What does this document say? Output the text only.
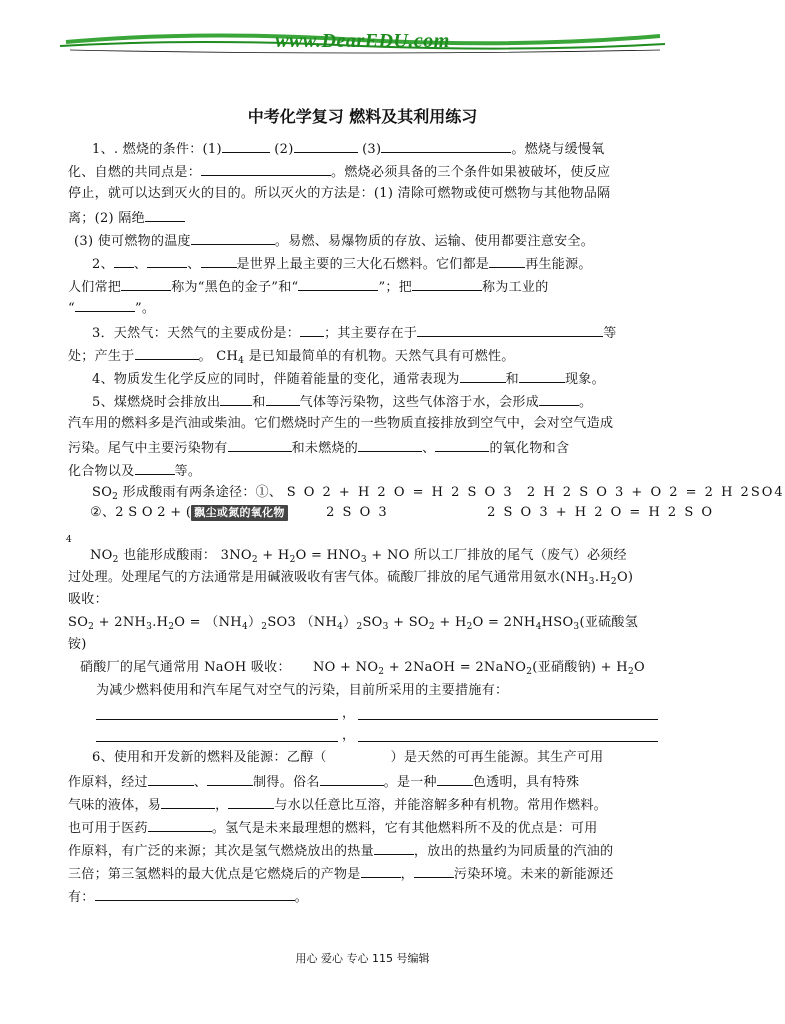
www.DearEDU.com
中考化学复习 燃料及其利用练习
1、. 燃烧的条件：(1)	(2)	(3)	。燃烧与缓慢氧
化、自燃的共同点是：	。燃烧必须具备的三个条件如果被破坏，使反应
停止，就可以达到灭火的目的。所以灭火的方法是：(1) 清除可燃物或使可燃物与其他物品隔
离；(2) 隔绝
(3) 使可燃物的温度	。易燃、易爆物质的存放、运输、使用都要注意安全。
2、 、	、	是世界上最主要的三大化石燃料。它们都是	再生能源。
人们常把	称为“黑色的金子”和“	”；把	称为工业的
“	”。
3．天然气：天然气的主要成份是： ；其主要存在于	等
处；产生于	。 $CH_4$ 是已知最简单的有机物。天然气具有可燃性。
4、物质发生化学反应的同时，伴随着能量的变化，通常表现为	和	现象。
5、煤燃烧时会排放出 和	气体等污染物，这些气体溶于水，会形成	。
汽车用的燃料多是汽油或柴油。它们燃烧时产生的一些物质直接排放到空气中，会对空气造成
污染。尾气中主要污染物有	和未燃烧的	、	的氧化物和含
化合物以及	等。
$SO_2$ 形成酸雨有两条途径：①、 S O 2 + H 2 O = H 2 S O 3 2 H 2 S O 3 + O 2 = 2 H 2SO4
②、2 S O 2 + ( 飘尘或氮的氧化物	2 S O 3	2 S O 3 + H 2 O = H 2 S O
4
$NO_2$ 也能形成酸雨： $3NO_2 + H_2O = HNO_3$ + NO 所以工厂排放的尾气（废气）必须经
过处理。处理尾气的方法通常是用碱液吸收有害气体。硫酸厂排放的尾气通常用氨水$(NH_3.H_2O)$
吸收：
$SO_2 + 2NH_3.H_2O = (NH_4)_2SO3$ $(NH_4)_2SO_3 + SO_2 + H_2O = 2NH_4HSO_3$(亚硫酸氢
铵)
硝酸厂的尾气通常用 NaOH 吸收： NO + $NO_2$ + 2NaOH = 2NaNO$_2$(亚硝酸钠) + $H_2O$
为减少燃料使用和汽车尾气对空气的污染，目前所采用的主要措施有：
，
，
6、使用和开发新的燃料及能源：乙醇（	）是天然的可再生能源。其生产可用
作原料，经过	、	制得。俗名	。是一种	色透明，具有特殊
气味的液体，易	，	与水以任意比互溶，并能溶解多种有机物。常用作燃料。
也可用于医药	。氢气是未来最理想的燃料，它有其他燃料所不及的优点是：可用
作原料，有广泛的来源；其次是氢气燃烧放出的热量	，放出的热量约为同质量的汽油的
三倍；第三氢燃料的最大优点是它燃烧后的产物是	，	污染环境。未来的新能源还
有：	。
用心 爱心 专心 115 号编辑
